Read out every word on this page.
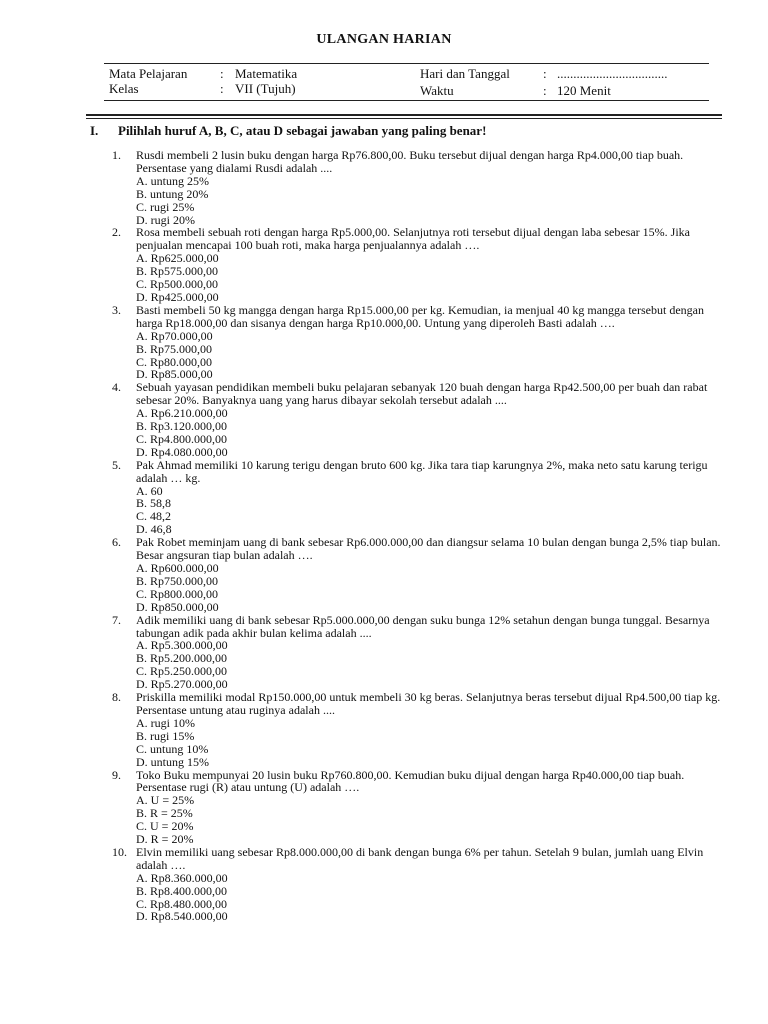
ULANGAN HARIAN
Mata Pelajaran	: Matematika	Hari dan Tanggal	: ..................................
Kelas	: VII (Tujuh)	Waktu	: 120 Menit
I. Pilihlah huruf A, B, C, atau D sebagai jawaban yang paling benar!
1.	Rusdi membeli 2 lusin buku dengan harga Rp76.800,00. Buku tersebut dijual dengan harga Rp4.000,00 tiap buah. Persentase yang dialami Rusdi adalah ....
A. untung 25%
B. untung 20%
C. rugi 25%
D. rugi 20%
2.	Rosa membeli sebuah roti dengan harga Rp5.000,00. Selanjutnya roti tersebut dijual dengan laba sebesar 15%. Jika penjualan mencapai 100 buah roti, maka harga penjualannya adalah ….
A. Rp625.000,00
B. Rp575.000,00
C. Rp500.000,00
D. Rp425.000,00
3.	Basti membeli 50 kg mangga dengan harga Rp15.000,00 per kg. Kemudian, ia menjual 40 kg mangga tersebut dengan harga Rp18.000,00 dan sisanya dengan harga Rp10.000,00. Untung yang diperoleh Basti adalah ….
A. Rp70.000,00
B. Rp75.000,00
C. Rp80.000,00
D. Rp85.000,00
4.	Sebuah yayasan pendidikan membeli buku pelajaran sebanyak 120 buah dengan harga Rp42.500,00 per buah dan rabat sebesar 20%. Banyaknya uang yang harus dibayar sekolah tersebut adalah ....
A. Rp6.210.000,00
B. Rp3.120.000,00
C. Rp4.800.000,00
D. Rp4.080.000,00
5.	Pak Ahmad memiliki 10 karung terigu dengan bruto 600 kg. Jika tara tiap karungnya 2%, maka neto satu karung terigu adalah … kg.
A. 60
B. 58,8
C. 48,2
D. 46,8
6.	Pak Robet meminjam uang di bank sebesar Rp6.000.000,00 dan diangsur selama 10 bulan dengan bunga 2,5% tiap bulan. Besar angsuran tiap bulan adalah ….
A. Rp600.000,00
B. Rp750.000,00
C. Rp800.000,00
D. Rp850.000,00
7.	Adik memiliki uang di bank sebesar Rp5.000.000,00 dengan suku bunga 12% setahun dengan bunga tunggal. Besarnya tabungan adik pada akhir bulan kelima adalah ....
A. Rp5.300.000,00
B. Rp5.200.000,00
C. Rp5.250.000,00
D. Rp5.270.000,00
8.	Priskilla memiliki modal Rp150.000,00 untuk membeli 30 kg beras. Selanjutnya beras tersebut dijual Rp4.500,00 tiap kg. Persentase untung atau ruginya adalah ....
A. rugi 10%
B. rugi 15%
C. untung 10%
D. untung 15%
9.	Toko Buku mempunyai 20 lusin buku Rp760.800,00. Kemudian buku dijual dengan harga Rp40.000,00 tiap buah. Persentase rugi (R) atau untung (U) adalah ….
A. U = 25%
B. R = 25%
C. U = 20%
D. R = 20%
10. Elvin memiliki uang sebesar Rp8.000.000,00 di bank dengan bunga 6% per tahun. Setelah 9 bulan, jumlah uang Elvin adalah ….
A. Rp8.360.000,00
B. Rp8.400.000,00
C. Rp8.480.000,00
D. Rp8.540.000,00
